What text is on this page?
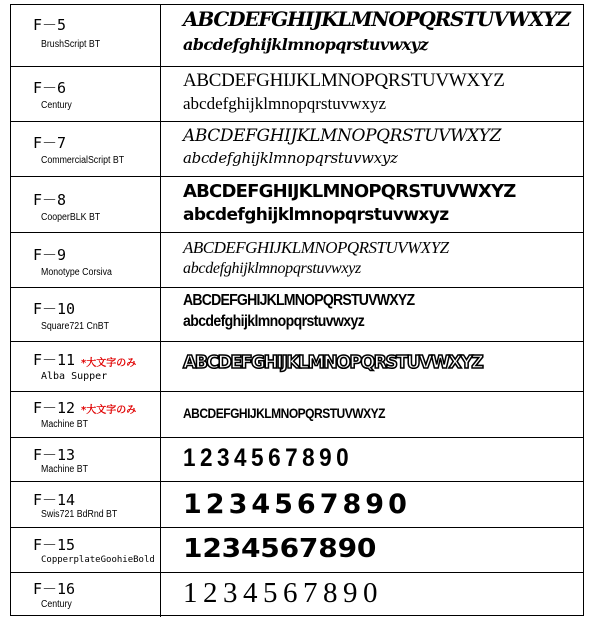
F－5
BrushScript BT
ABCDEFGHIJKLMNOPQRSTUVWXYZ
abcdefghijklmnopqrstuvwxyz
F－6
Century
ABCDEFGHIJKLMNOPQRSTUVWXYZ
abcdefghijklmnopqrstuvwxyz
F－7
CommercialScript BT
ABCDEFGHIJKLMNOPQRSTUVWXYZ
abcdefghijklmnopqrstuvwxyz
F－8
CooperBLK BT
ABCDEFGHIJKLMNOPQRSTUVWXYZ
abcdefghijklmnopqrstuvwxyz
F－9
Monotype Corsiva
ABCDEFGHIJKLMNOPQRSTUVWXYZ
abcdefghijklmnopqrstuvwxyz
F－10
Square721 CnBT
ABCDEFGHIJKLMNOPQRSTUVWXYZ
abcdefghijklmnopqrstuvwxyz
F－11 *大文字のみ
Alba Supper
ABCDEFGHIJKLMNOPQRSTUVWXYZ
F－12 *大文字のみ
Machine BT
ABCDEFGHIJKLMNOPQRSTUVWXYZ
F－13
Machine BT	1234567890
F－14
Swis721 BdRnd BT 1234567890
F－15
CopperplateGoohieBold 1234567890
F－16
Century	1234567890
